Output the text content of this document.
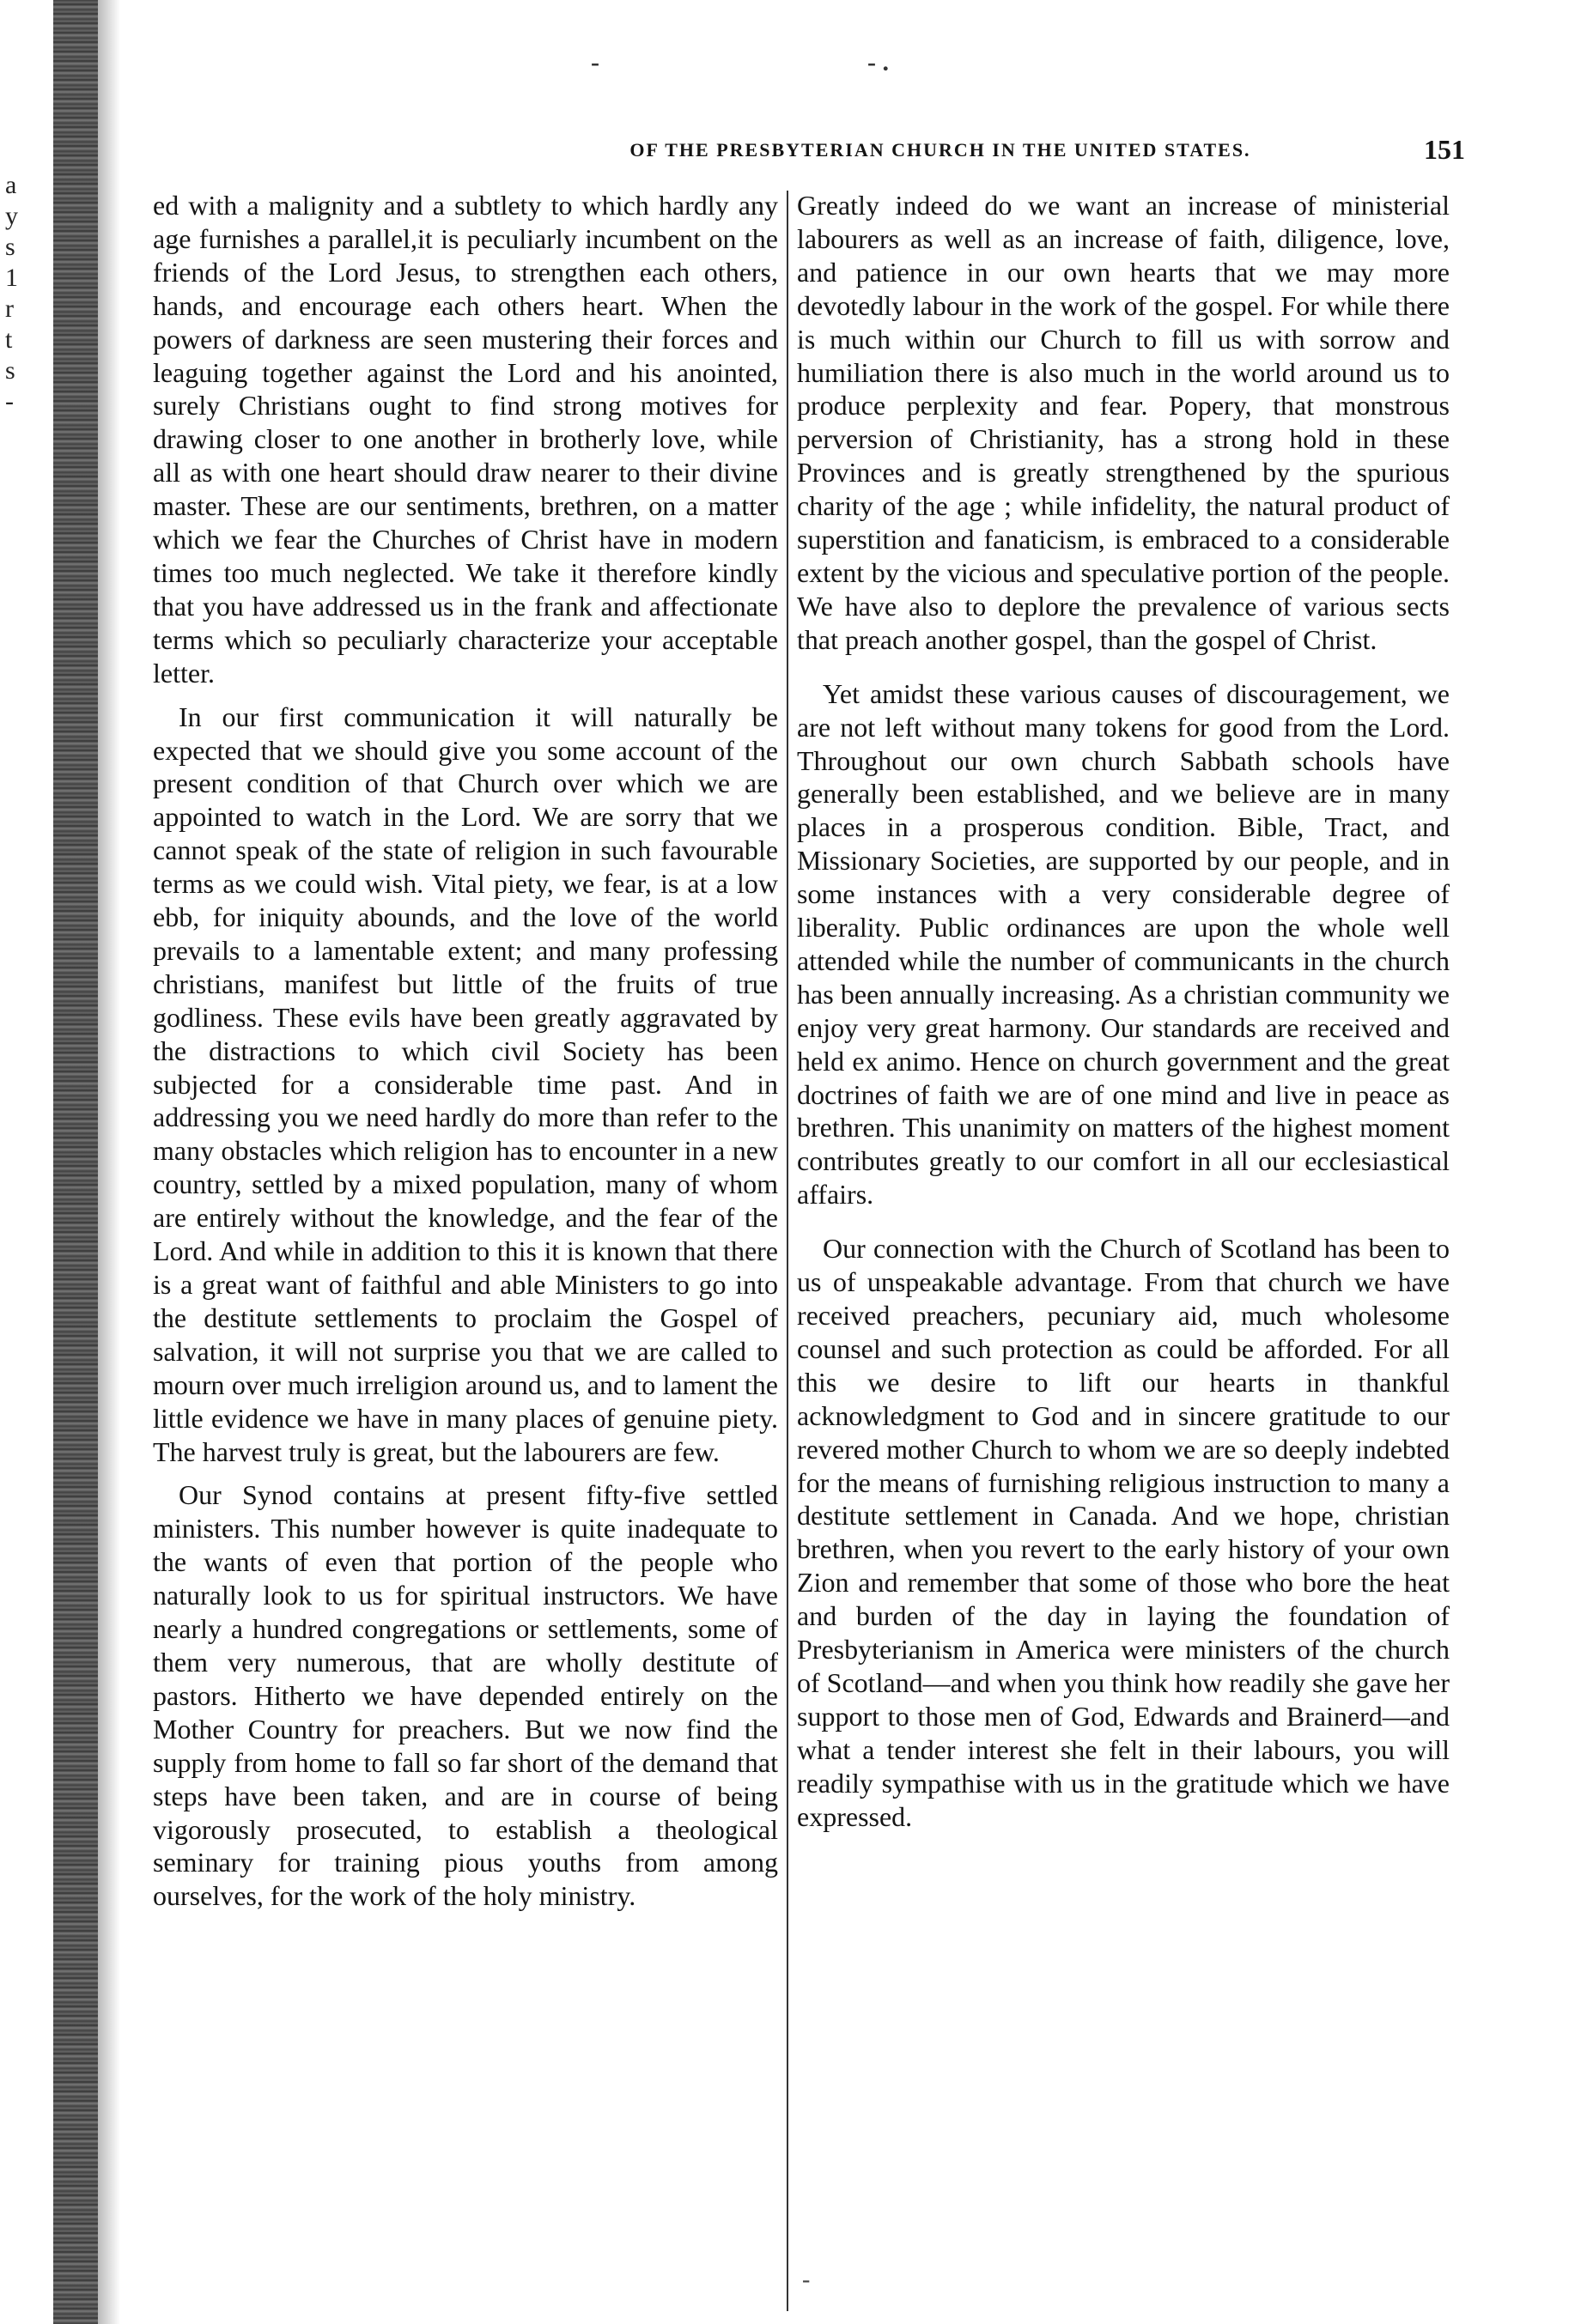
a
y
s
1
r
t
s
-
-	- .
OF THE PRESBYTERIAN CHURCH IN THE UNITED STATES.	151

ed with a malignity and a subtlety to which hardly any age furnishes a parallel,it is peculiarly incumbent on the friends of the Lord Jesus, to strengthen each others, hands, and encourage each others heart. When the powers of darkness are seen mustering their forces and leaguing together against the Lord and his anointed, surely Christians ought to find strong motives for drawing closer to one another in brotherly love, while all as with one heart should draw nearer to their divine master. These are our sentiments, brethren, on a matter which we fear the Churches of Christ have in modern times too much neglected. We take it therefore kindly that you have addressed us in the frank and affectionate terms which so peculiarly characterize your acceptable letter.

In our first communication it will naturally be expected that we should give you some account of the present condition of that Church over which we are appointed to watch in the Lord. We are sorry that we cannot speak of the state of religion in such favourable terms as we could wish. Vital piety, we fear, is at a low ebb, for iniquity abounds, and the love of the world prevails to a lamentable extent; and many professing christians, manifest but little of the fruits of true godliness. These evils have been greatly aggravated by the distractions to which civil Society has been subjected for a considerable time past. And in addressing you we need hardly do more than refer to the many obstacles which religion has to encounter in a new country, settled by a mixed population, many of whom are entirely without the knowledge, and the fear of the Lord. And while in addition to this it is known that there is a great want of faithful and able Ministers to go into the destitute settlements to proclaim the Gospel of salvation, it will not surprise you that we are called to mourn over much irreligion around us, and to lament the little evidence we have in many places of genuine piety. The harvest truly is great, but the labourers are few.

Our Synod contains at present fifty-five settled ministers. This number however is quite inadequate to the wants of even that portion of the people who naturally look to us for spiritual instructors. We have nearly a hundred congregations or settlements, some of them very numerous, that are wholly destitute of pastors. Hitherto we have depended entirely on the Mother Country for preachers. But we now find the supply from home to fall so far short of the demand that steps have been taken, and are in course of being vigorously prosecuted, to establish a theological seminary for training pious youths from among ourselves, for the work of the holy ministry.

Greatly indeed do we want an increase of ministerial labourers as well as an increase of faith, diligence, love, and patience in our own hearts that we may more devotedly labour in the work of the gospel. For while there is much within our Church to fill us with sorrow and humiliation there is also much in the world around us to produce perplexity and fear. Popery, that monstrous perversion of Christianity, has a strong hold in these Provinces and is greatly strengthened by the spurious charity of the age ; while infidelity, the natural product of superstition and fanaticism, is embraced to a considerable extent by the vicious and speculative portion of the people. We have also to deplore the prevalence of various sects that preach another gospel, than the gospel of Christ.

Yet amidst these various causes of discouragement, we are not left without many tokens for good from the Lord. Throughout our own church Sabbath schools have generally been established, and we believe are in many places in a prosperous condition. Bible, Tract, and Missionary Societies, are supported by our people, and in some instances with a very considerable degree of liberality. Public ordinances are upon the whole well attended while the number of communicants in the church has been annually increasing. As a christian community we enjoy very great harmony. Our standards are received and held ex animo. Hence on church government and the great doctrines of faith we are of one mind and live in peace as brethren. This unanimity on matters of the highest moment contributes greatly to our comfort in all our ecclesiastical affairs.

Our connection with the Church of Scotland has been to us of unspeakable advantage. From that church we have received preachers, pecuniary aid, much wholesome counsel and such protection as could be afforded. For all this we desire to lift our hearts in thankful acknowledgment to God and in sincere gratitude to our revered mother Church to whom we are so deeply indebted for the means of furnishing religious instruction to many a destitute settlement in Canada. And we hope, christian brethren, when you revert to the early history of your own Zion and remember that some of those who bore the heat and burden of the day in laying the foundation of Presbyterianism in America were ministers of the church of Scotland—and when you think how readily she gave her support to those men of God, Edwards and Brainerd—and what a tender interest she felt in their labours, you will readily sympathise with us in the gratitude which we have expressed.

-
